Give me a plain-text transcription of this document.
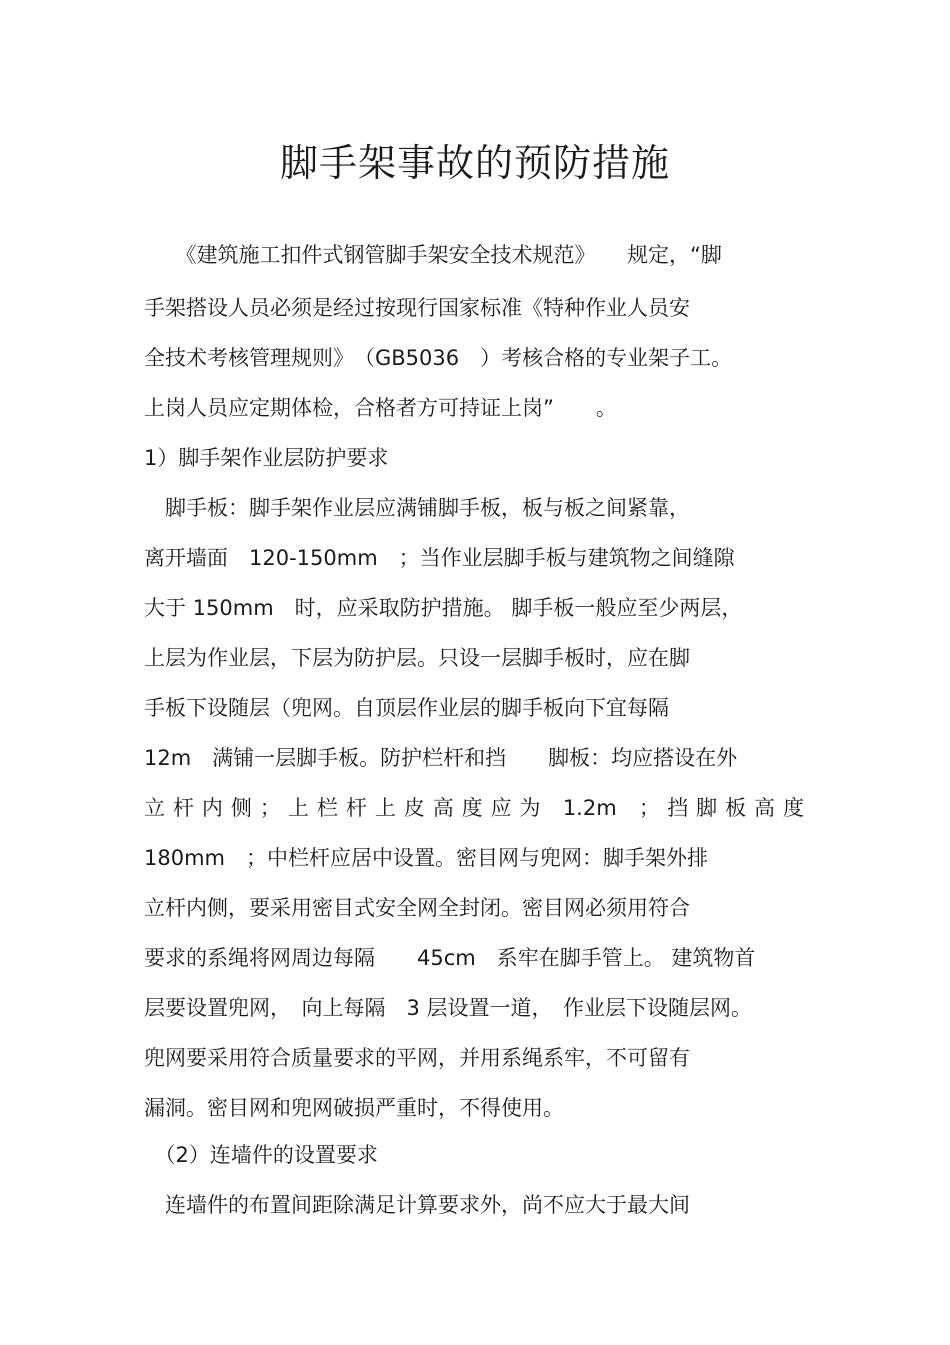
脚手架事故的预防措施
　　《建筑施工扣件式钢管脚手架安全技术规范》　　规定，“脚
手架搭设人员必须是经过按现行国家标准《特种作业人员安
全技术考核管理规则》　（GB5036　）考核合格的专业架子工。
上岗人员应定期体检，合格者方可持证上岗”　　。
1）脚手架作业层防护要求
　脚手板：脚手架作业层应满铺脚手板，板与板之间紧靠，
离开墙面　120-150mm　；当作业层脚手板与建筑物之间缝隙
大于 150mm　时，应采取防护措施。 脚手板一般应至少两层，
上层为作业层，下层为防护层。只设一层脚手板时，应在脚
手板下设随层（兜网。自顶层作业层的脚手板向下宜每隔
12m　满铺一层脚手板。防护栏杆和挡　　脚板：均应搭设在外
立 杆 内 侧 ； 上 栏 杆 上 皮 高 度 应 为　1.2m　； 挡 脚 板 高 度
180mm　；中栏杆应居中设置。密目网与兜网：脚手架外排
立杆内侧，要采用密目式安全网全封闭。密目网必须用符合
要求的系绳将网周边每隔　　45cm　系牢在脚手管上。 建筑物首
层要设置兜网，　向上每隔　3 层设置一道，　作业层下设随层网。
兜网要采用符合质量要求的平网，并用系绳系牢，不可留有
漏洞。密目网和兜网破损严重时，不得使用。
　（2）连墙件的设置要求
　连墙件的布置间距除满足计算要求外，尚不应大于最大间
